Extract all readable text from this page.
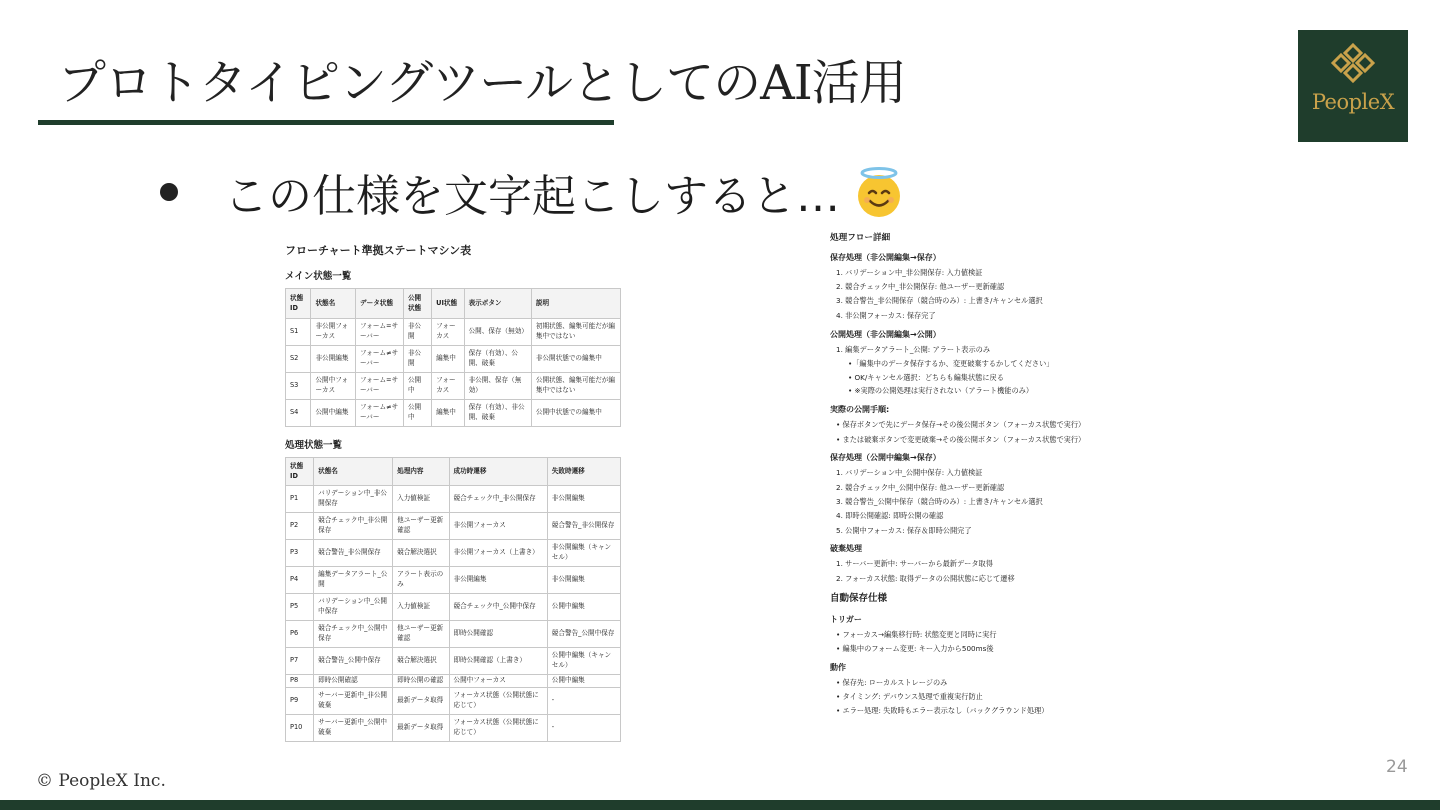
プロトタイピングツールとしてのAI活用	PeopleX
この仕様を文字起こしすると…
フローチャート準拠ステートマシン表
メイン状態一覧
状態ID	状態名	データ状態	公開状態	UI状態	表示ボタン	説明
S1	非公開フォーカス	フォーム=サーバー	非公開	フォーカス	公開、保存（無効）	初期状態、編集可能だが編集中ではない
S2	非公開編集	フォーム≠サーバー	非公開	編集中	保存（有効）、公開、破棄	非公開状態での編集中
S3	公開中フォーカス	フォーム=サーバー	公開中	フォーカス	非公開、保存（無効）	公開状態、編集可能だが編集中ではない
S4	公開中編集	フォーム≠サーバー	公開中	編集中	保存（有効）、非公開、破棄	公開中状態での編集中
処理状態一覧
状態ID	状態名	処理内容	成功時遷移	失敗時遷移
P1	バリデーション中_非公開保存	入力値検証	競合チェック中_非公開保存	非公開編集
P2	競合チェック中_非公開保存	他ユーザー更新確認	非公開フォーカス	競合警告_非公開保存
P3	競合警告_非公開保存	競合解決選択	非公開フォーカス（上書き）	非公開編集（キャンセル）
P4	編集データアラート_公開	アラート表示のみ	非公開編集	非公開編集
P5	バリデーション中_公開中保存	入力値検証	競合チェック中_公開中保存	公開中編集
P6	競合チェック中_公開中保存	他ユーザー更新確認	即時公開確認	競合警告_公開中保存
P7	競合警告_公開中保存	競合解決選択	即時公開確認（上書き）	公開中編集（キャンセル）
P8	即時公開確認	即時公開の確認	公開中フォーカス	公開中編集
P9	サーバー更新中_非公開破棄	最新データ取得	フォーカス状態（公開状態に応じて）	-
P10	サーバー更新中_公開中破棄	最新データ取得	フォーカス状態（公開状態に応じて）	-
処理フロー詳細
保存処理（非公開編集→保存）
1. バリデーション中_非公開保存: 入力値検証
2. 競合チェック中_非公開保存: 他ユーザー更新確認
3. 競合警告_非公開保存（競合時のみ）: 上書き/キャンセル選択
4. 非公開フォーカス: 保存完了
公開処理（非公開編集→公開）
1. 編集データアラート_公開: アラート表示のみ
•「編集中のデータ保存するか、変更破棄するかしてください」
• OK/キャンセル選択：どちらも編集状態に戻る
• ※実際の公開処理は実行されない（アラート機能のみ）
実際の公開手順:
• 保存ボタンで先にデータ保存→その後公開ボタン（フォーカス状態で実行）
• または破棄ボタンで変更破棄→その後公開ボタン（フォーカス状態で実行）
保存処理（公開中編集→保存）
1. バリデーション中_公開中保存: 入力値検証
2. 競合チェック中_公開中保存: 他ユーザー更新確認
3. 競合警告_公開中保存（競合時のみ）: 上書き/キャンセル選択
4. 即時公開確認: 即時公開の確認
5. 公開中フォーカス: 保存＆即時公開完了
破棄処理
1. サーバー更新中: サーバーから最新データ取得
2. フォーカス状態: 取得データの公開状態に応じて遷移
自動保存仕様
トリガー
• フォーカス→編集移行時: 状態変更と同時に実行
• 編集中のフォーム変更: キー入力から500ms後
動作
• 保存先: ローカルストレージのみ
• タイミング: デバウンス処理で重複実行防止
• エラー処理: 失敗時もエラー表示なし（バックグラウンド処理）
© PeopleX Inc.
24
